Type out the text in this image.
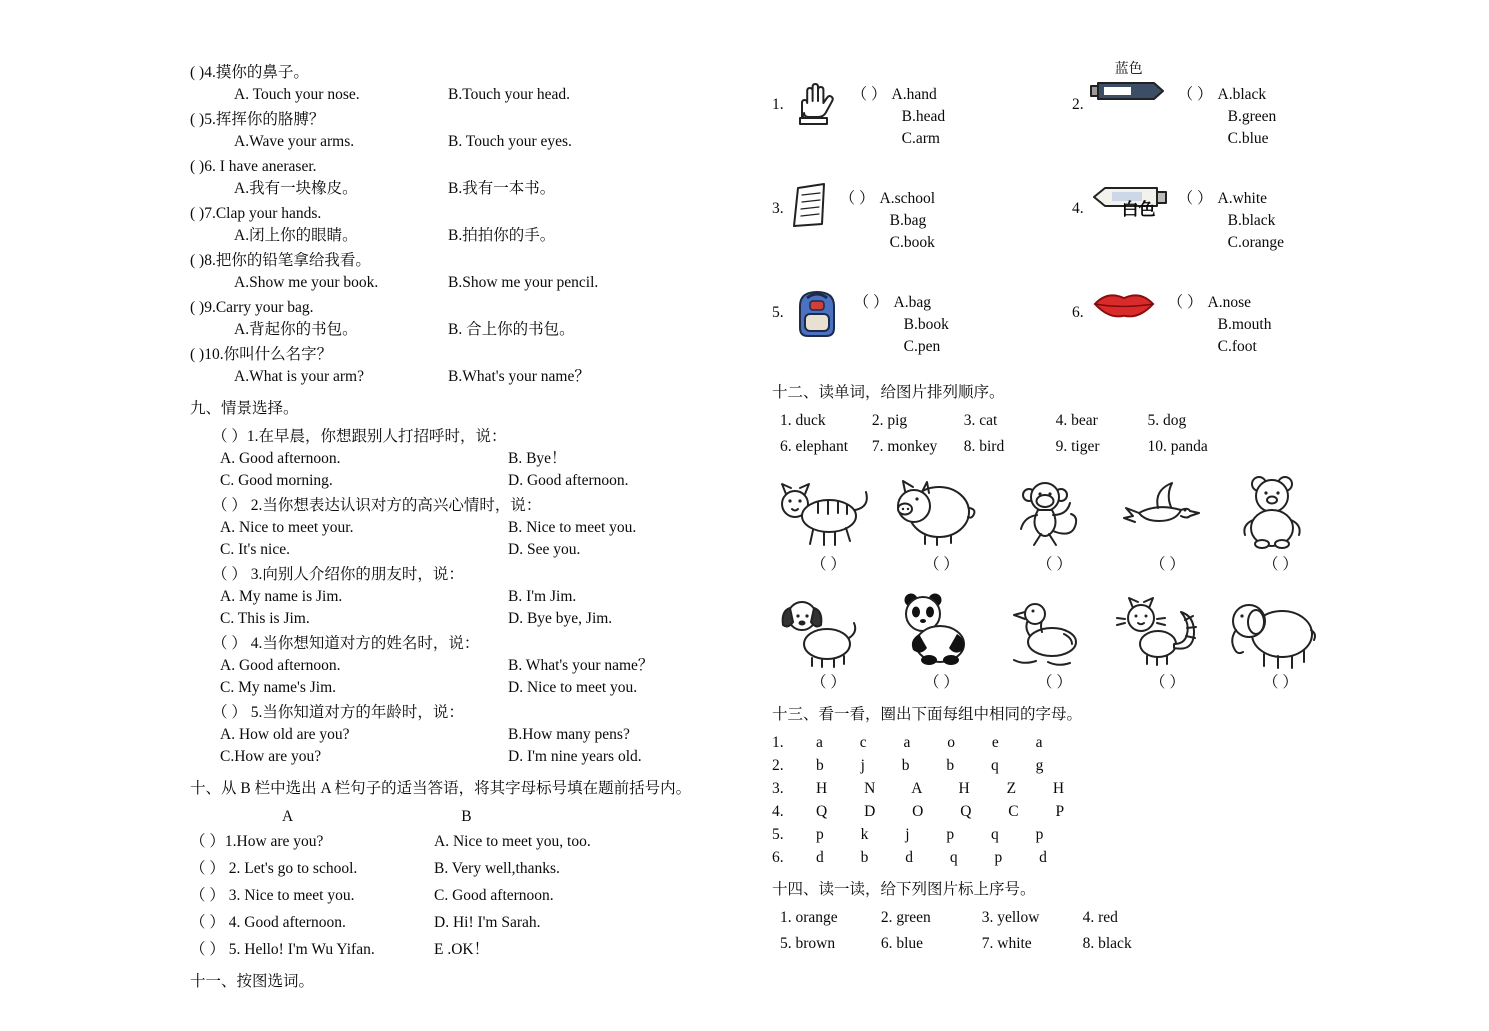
( )4.摸你的鼻子。
A. Touch your nose.	B.Touch your head.
( )5.挥挥你的胳膊？
A.Wave your arms.	B. Touch your eyes.
( )6. I have aneraser.
A.我有一块橡皮。	B.我有一本书。
( )7.Clap your hands.
A.闭上你的眼睛。	B.拍拍你的手。
( )8.把你的铅笔拿给我看。
A.Show me your book.	B.Show me your pencil.
( )9.Carry your bag.
A.背起你的书包。	B. 合上你的书包。
( )10.你叫什么名字？
A.What is your arm?	B.What's your name？
九、情景选择。
（ ）1.在早晨，你想跟别人打招呼时，说：
A. Good afternoon.	B. Bye！
C. Good morning.	D. Good afternoon.
（ ） 2.当你想表达认识对方的高兴心情时，说：
A. Nice to meet your.	B. Nice to meet you.
C. It's nice.	D. See you.
（ ） 3.向别人介绍你的朋友时，说：
A. My name is Jim.	B. I'm Jim.
C. This is Jim.	D. Bye bye, Jim.
（ ） 4.当你想知道对方的姓名时，说：
A. Good afternoon.	B. What's your name？
C. My name's Jim.	D. Nice to meet you.
（ ） 5.当你知道对方的年龄时，说：
A. How old are you?	B.How many pens?
C.How are you?	D. I'm nine years old.
十、从 B 栏中选出 A 栏句子的适当答语，将其字母标号填在题前括号内。
A	B
（ ）1.How are you?	A. Nice to meet you, too.
（ ） 2. Let's go to school.	B. Very well,thanks.
（ ） 3. Nice to meet you.	C. Good afternoon.
（ ） 4. Good afternoon.	D. Hi! I'm Sarah.
（ ） 5. Hello! I'm Wu Yifan.	E .OK！
十一、按图选词。
1.
（ ） A.hand
B.head
C.arm
2.
蓝色
（ ） A.black
B.green
C.blue
3.
（ ） A.school
B.bag
C.book
4. 白色
（ ） A.white
B.black
C.orange
5.
（ ） A.bag
B.book
C.pen
6.
（ ） A.nose
B.mouth
C.foot
十二、读单词，给图片排列顺序。
1. duck	2. pig	3. cat	4. bear	5. dog
6. elephant 7. monkey 8. bird	9. tiger	10. panda
（ ）	（ ）	（ ）	（ ）	（ ）
（ ）	（ ）	（ ）	（ ）	（ ）
十三、看一看，圈出下面每组中相同的字母。
1.	a c a o e a
2.	b j b b q g
3.	H N A H Z H
4.	Q D O Q C P
5.	p k j p q p
6.	d b d q p d
十四、读一读，给下列图片标上序号。
1. orange	2. green	3. yellow	4. red
5. brown	6. blue	7. white	8. black
